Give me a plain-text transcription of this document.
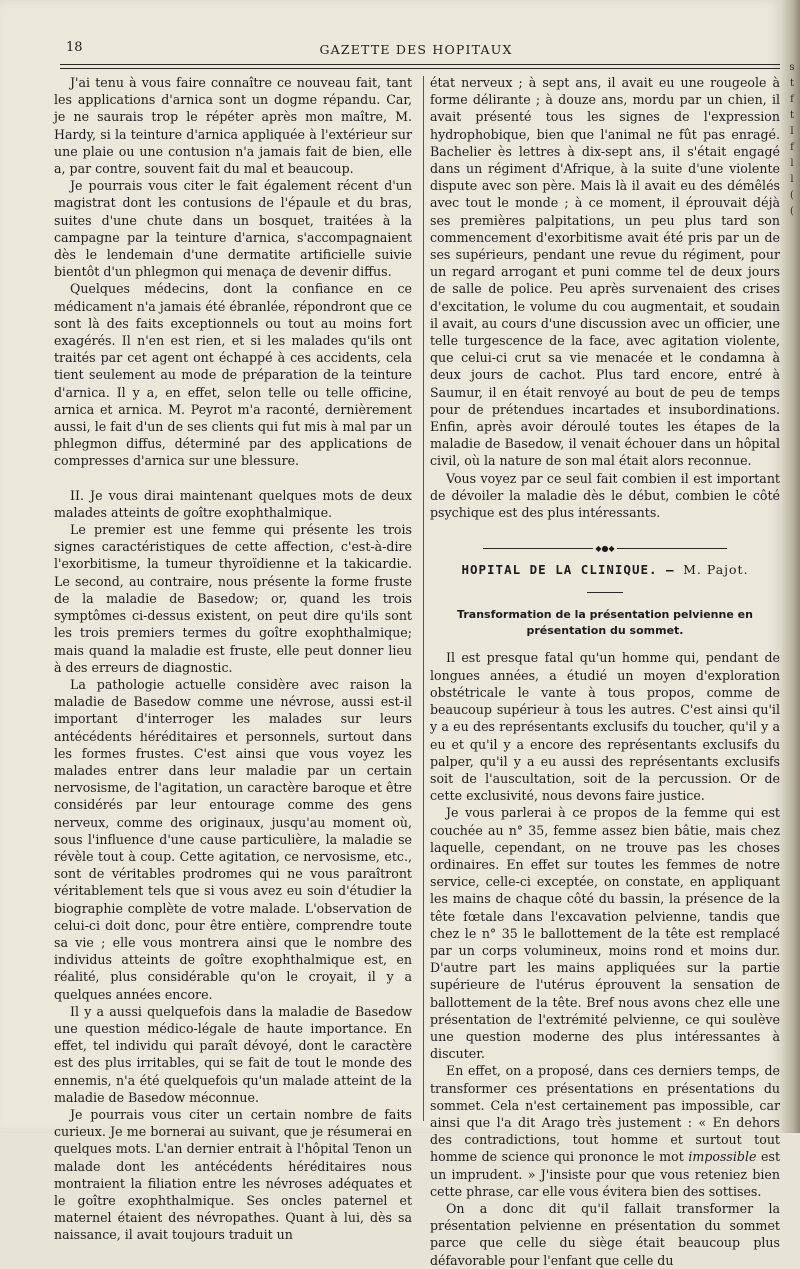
18	GAZETTE DES HOPITAUX

J'ai tenu à vous faire connaître ce nouveau fait, tant les applications d'arnica sont un dogme répandu. Car, je ne saurais trop le répéter après mon maître, M. Hardy, si la teinture d'arnica appliquée à l'extérieur sur une plaie ou une contusion n'a jamais fait de bien, elle a, par contre, souvent fait du mal et beaucoup.

Je pourrais vous citer le fait également récent d'un magistrat dont les contusions de l'épaule et du bras, suites d'une chute dans un bosquet, traitées à la campagne par la teinture d'arnica, s'accompagnaient dès le lendemain d'une dermatite artificielle suivie bientôt d'un phlegmon qui menaça de devenir diffus.

Quelques médecins, dont la confiance en ce médicament n'a jamais été ébranlée, répondront que ce sont là des faits exceptionnels ou tout au moins fort exagérés. Il n'en est rien, et si les malades qu'ils ont traités par cet agent ont échappé à ces accidents, cela tient seulement au mode de préparation de la teinture d'arnica. Il y a, en effet, selon telle ou telle officine, arnica et arnica. M. Peyrot m'a raconté, dernièrement aussi, le fait d'un de ses clients qui fut mis à mal par un phlegmon diffus, déterminé par des applications de compresses d'arnica sur une blessure.

II. Je vous dirai maintenant quelques mots de deux malades atteints de goître exophthalmique.

Le premier est une femme qui présente les trois signes caractéristiques de cette affection, c'est-à-dire l'exorbitisme, la tumeur thyroïdienne et la takicardie. Le second, au contraire, nous présente la forme fruste de la maladie de Basedow; or, quand les trois symptômes ci-dessus existent, on peut dire qu'ils sont les trois premiers termes du goître exophthalmique; mais quand la maladie est fruste, elle peut donner lieu à des erreurs de diagnostic.

La pathologie actuelle considère avec raison la maladie de Basedow comme une névrose, aussi est-il important d'interroger les malades sur leurs antécédents héréditaires et personnels, surtout dans les formes frustes. C'est ainsi que vous voyez les malades entrer dans leur maladie par un certain nervosisme, de l'agitation, un caractère baroque et être considérés par leur entourage comme des gens nerveux, comme des originaux, jusqu'au moment où, sous l'influence d'une cause particulière, la maladie se révèle tout à coup. Cette agitation, ce nervosisme, etc., sont de véritables prodromes qui ne vous paraîtront véritablement tels que si vous avez eu soin d'étudier la biographie complète de votre malade. L'observation de celui-ci doit donc, pour être entière, comprendre toute sa vie ; elle vous montrera ainsi que le nombre des individus atteints de goître exophthalmique est, en réalité, plus considérable qu'on le croyait, il y a quelques années encore.

Il y a aussi quelquefois dans la maladie de Basedow une question médico-légale de haute importance. En effet, tel individu qui paraît dévoyé, dont le caractère est des plus irritables, qui se fait de tout le monde des ennemis, n'a été quelquefois qu'un malade atteint de la maladie de Basedow méconnue.

Je pourrais vous citer un certain nombre de faits curieux. Je me bornerai au suivant, que je résumerai en quelques mots. L'an dernier entrait à l'hôpital Tenon un malade dont les antécédents héréditaires nous montraient la filiation entre les névroses adéquates et le goître exophthalmique. Ses oncles paternel et maternel étaient des névropathes. Quant à lui, dès sa naissance, il avait toujours traduit un

état nerveux ; à sept ans, il avait eu une rougeole à forme délirante ; à douze ans, mordu par un chien, il avait présenté tous les signes de l'expression hydrophobique, bien que l'animal ne fût pas enragé. Bachelier ès lettres à dix-sept ans, il s'était engagé dans un régiment d'Afrique, à la suite d'une violente dispute avec son père. Mais là il avait eu des démêlés avec tout le monde ; à ce moment, il éprouvait déjà ses premières palpitations, un peu plus tard son commencement d'exorbitisme avait été pris par un de ses supérieurs, pendant une revue du régiment, pour un regard arrogant et puni comme tel de deux jours de salle de police. Peu après survenaient des crises d'excitation, le volume du cou augmentait, et soudain il avait, au cours d'une discussion avec un officier, une telle turgescence de la face, avec agitation violente, que celui-ci crut sa vie menacée et le condamna à deux jours de cachot. Plus tard encore, entré à Saumur, il en était renvoyé au bout de peu de temps pour de prétendues incartades et insubordinations. Enfin, après avoir déroulé toutes les étapes de la maladie de Basedow, il venait échouer dans un hôpital civil, où la nature de son mal était alors reconnue.

Vous voyez par ce seul fait combien il est important de dévoiler la maladie dès le début, combien le côté psychique est des plus intéressants.

◆●◆
HOPITAL DE LA CLINIQUE. — M. Pajot.
Transformation de la présentation pelvienne en présentation du sommet.

Il est presque fatal qu'un homme qui, pendant de longues années, a étudié un moyen d'exploration obstétricale le vante à tous propos, comme de beaucoup supérieur à tous les autres. C'est ainsi qu'il y a eu des représentants exclusifs du toucher, qu'il y a eu et qu'il y a encore des représentants exclusifs du palper, qu'il y a eu aussi des représentants exclusifs soit de l'auscultation, soit de la percussion. Or de cette exclusivité, nous devons faire justice.

Je vous parlerai à ce propos de la femme qui est couchée au n° 35, femme assez bien bâtie, mais chez laquelle, cependant, on ne trouve pas les choses ordinaires. En effet sur toutes les femmes de notre service, celle-ci exceptée, on constate, en appliquant les mains de chaque côté du bassin, la présence de la tête fœtale dans l'excavation pelvienne, tandis que chez le n° 35 le ballottement de la tête est remplacé par un corps volumineux, moins rond et moins dur. D'autre part les mains appliquées sur la partie supérieure de l'utérus éprouvent la sensation de ballottement de la tête. Bref nous avons chez elle une présentation de l'extrémité pelvienne, ce qui soulève une question moderne des plus intéressantes à discuter.

En effet, on a proposé, dans ces derniers temps, de transformer ces présentations en présentations du sommet. Cela n'est certainement pas impossible, car ainsi que l'a dit Arago très justement : « En dehors des contradictions, tout homme et surtout tout homme de science qui prononce le mot impossible est un imprudent. » J'insiste pour que vous reteniez bien cette phrase, car elle vous évitera bien des sottises.

On a donc dit qu'il fallait transformer la présentation pelvienne en présentation du sommet parce que celle du siège était beaucoup plus défavorable pour l'enfant que celle du

s
t
f
t
I
f
l
l
(
(
